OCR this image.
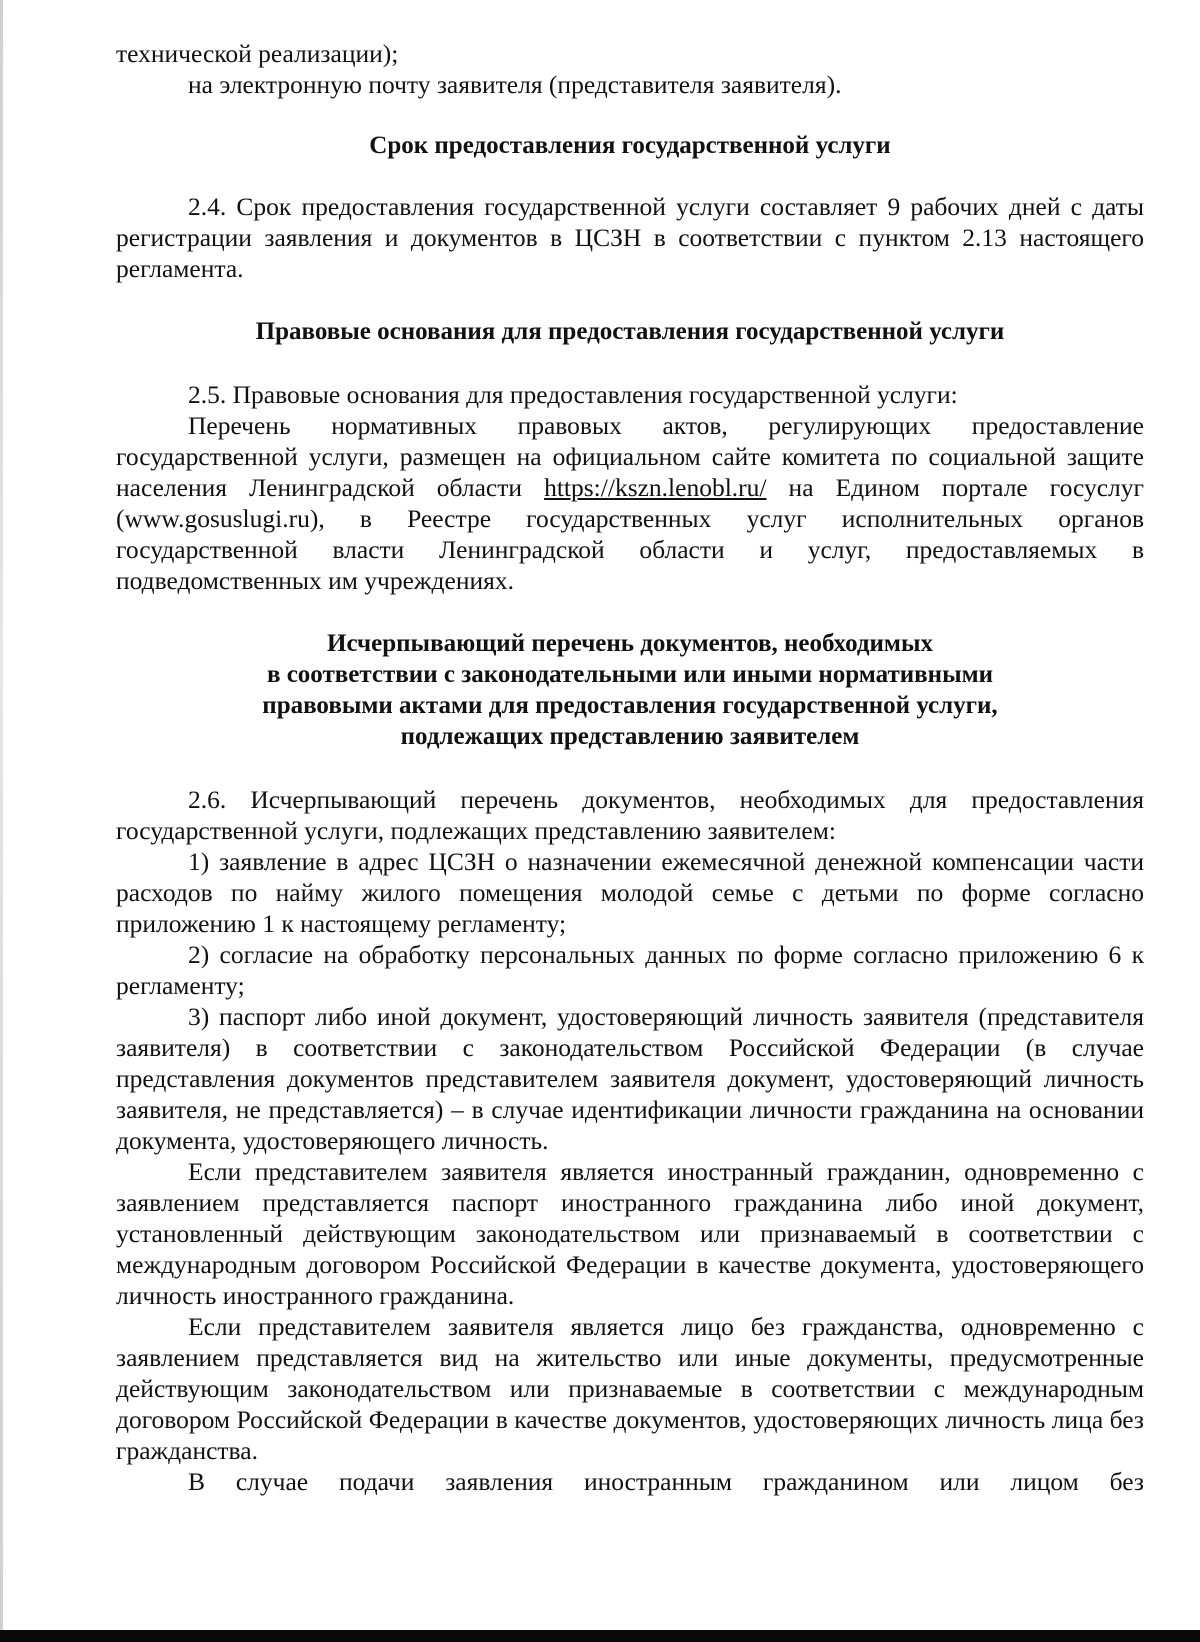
технической реализации);

на электронную почту заявителя (представителя заявителя).

Срок предоставления государственной услуги

2.4. Срок предоставления государственной услуги составляет 9 рабочих дней с даты регистрации заявления и документов в ЦСЗН в соответствии с пунктом 2.13 настоящего регламента.

Правовые основания для предоставления государственной услуги

2.5. Правовые основания для предоставления государственной услуги:

Перечень нормативных правовых актов, регулирующих предоставление государственной услуги, размещен на официальном сайте комитета по социальной защите населения Ленинградской области https://kszn.lenobl.ru/ на Едином портале госуслуг (www.gosuslugi.ru), в Реестре государственных услуг исполнительных органов государственной власти Ленинградской области и услуг, предоставляемых в подведомственных им учреждениях.

Исчерпывающий перечень документов, необходимых

в соответствии с законодательными или иными нормативными

правовыми актами для предоставления государственной услуги,

подлежащих представлению заявителем

2.6. Исчерпывающий перечень документов, необходимых для предоставления государственной услуги, подлежащих представлению заявителем:

1) заявление в адрес ЦСЗН о назначении ежемесячной денежной компенсации части расходов по найму жилого помещения молодой семье с детьми по форме согласно приложению 1 к настоящему регламенту;

2) согласие на обработку персональных данных по форме согласно приложению 6 к регламенту;

3) паспорт либо иной документ, удостоверяющий личность заявителя (представителя заявителя) в соответствии с законодательством Российской Федерации (в случае представления документов представителем заявителя документ, удостоверяющий личность заявителя, не представляется) – в случае идентификации личности гражданина на основании документа, удостоверяющего личность.

Если представителем заявителя является иностранный гражданин, одновременно с заявлением представляется паспорт иностранного гражданина либо иной документ, установленный действующим законодательством или признаваемый в соответствии с международным договором Российской Федерации в качестве документа, удостоверяющего личность иностранного гражданина.

Если представителем заявителя является лицо без гражданства, одновременно с заявлением представляется вид на жительство или иные документы, предусмотренные действующим законодательством или признаваемые в соответствии с международным договором Российской Федерации в качестве документов, удостоверяющих личность лица без гражданства.

В случае подачи заявления иностранным гражданином или лицом без
